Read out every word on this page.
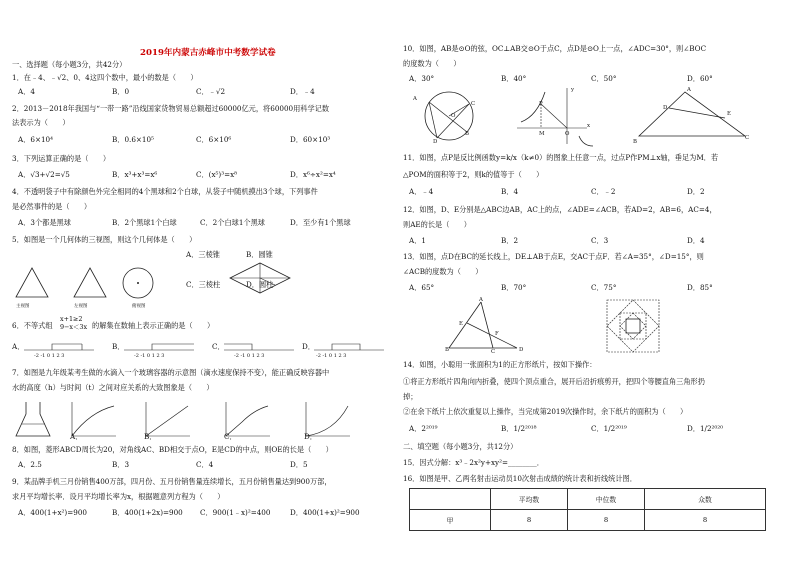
2019年内蒙古赤峰市中考数学试卷
一、选择题（每小题3分，共42分）
1．在﹣4、﹣√2、0、4这四个数中，最小的数是（　　）
A．4	B．0	C．﹣√2	D．﹣4
2．2013－2018年我国与“一带一路”沿线国家货物贸易总额超过60000亿元，将60000用科学记数
法表示为（　　）
A．6×10⁴	B．0.6×10⁵	C．6×10⁶	D．60×10³
3．下列运算正确的是（　　）
A．√3+√2=√5	B．x³+x³=x⁶	C．(x⁵)³=x⁸	D．x⁶÷x²=x⁴
4．不透明袋子中有除颜色外完全相同的4个黑球和2个白球，从袋子中随机摸出3个球，下列事件
是必然事件的是（　　）
A．3个都是黑球	B．2个黑球1个白球	C．2个白球1个黑球	D．至少有1个黑球
5．如图是一个几何体的三视图，则这个几何体是（　　）
主视图	左视图	俯视图
A．三棱锥	B．圆锥
C．三棱柱	D．圆柱
6．不等式组
x+1≥2
9−x＜3x 的解集在数轴上表示正确的是（　　）
A．	B．	C．	D．
-2 -1 0 1 2 3	-2 -1 0 1 2 3	-2 -1 0 1 2 3	-2 -1 0 1 2 3
7．如图是九年级某考生做的水滴入一个玻璃容器的示意图（滴水速度保持不变），能正确反映容器中
水的高度（h）与时间（t）之间对应关系的大致图象是（　　）
A．	B．	C．	D．
8．如图，菱形ABCD周长为20，对角线AC、BD相交于点O，E是CD的中点，则OE的长是（　　）
A．2.5	B．3	C．4	D．5
9．某品牌手机三月份销售400万部，四月份、五月份销售量连续增长，五月份销售量达到900万部，
求月平均增长率．设月平均增长率为x，根据题意列方程为（　　）
A．400(1+x²)=900	B．400(1+2x)=900 C．900(1﹣x)²=400	D．400(1+x)²=900
10．如图，AB是⊙O的弦，OC⊥AB交⊙O于点C，点D是⊙O上一点，∠ADC=30°，则∠BOC
的度数为（　　）
A．30°	B．40°	C．50°	D．60°
A
B
C
D
O
P
M	O
x
y	A
B
C
D
E
11．如图，点P是反比例函数y=k/x（k≠0）的图象上任意一点，过点P作PM⊥x轴，垂足为M．若
△POM的面积等于2，则k的值等于（　　）
A．﹣4	B．4	C．﹣2	D．2
12．如图，D、E分别是△ABC边AB，AC上的点，∠ADE=∠ACB，若AD=2，AB=6，AC=4，
则AE的长是（　　）
A．1	B．2	C．3	D．4
13．如图，点D在BC的延长线上，DE⊥AB于点E，交AC于点F．若∠A=35°，∠D=15°，则
∠ACB的度数为（　　）
A．65°	B．70°	C．75°	D．85°
A
B	C	D
E
F
14．如图，小聪用一张面积为1的正方形纸片，按如下操作：
①将正方形纸片四角向内折叠，使四个顶点重合，展开后沿折痕剪开，把四个等腰直角三角形扔
掉；
②在余下纸片上依次重复以上操作，当完成第2019次操作时，余下纸片的面积为（　　）
A．2²⁰¹⁹	B．1/2²⁰¹⁸	C．1/2²⁰¹⁹	D．1/2²⁰²⁰
二、填空题（每小题3分，共12分）
15．因式分解：x³﹣2x²y+xy²=________．
16．如图是甲、乙两名射击运动员10次射击成绩的统计表和折线统计图．
	平均数	中位数	众数
甲	8	8	8
